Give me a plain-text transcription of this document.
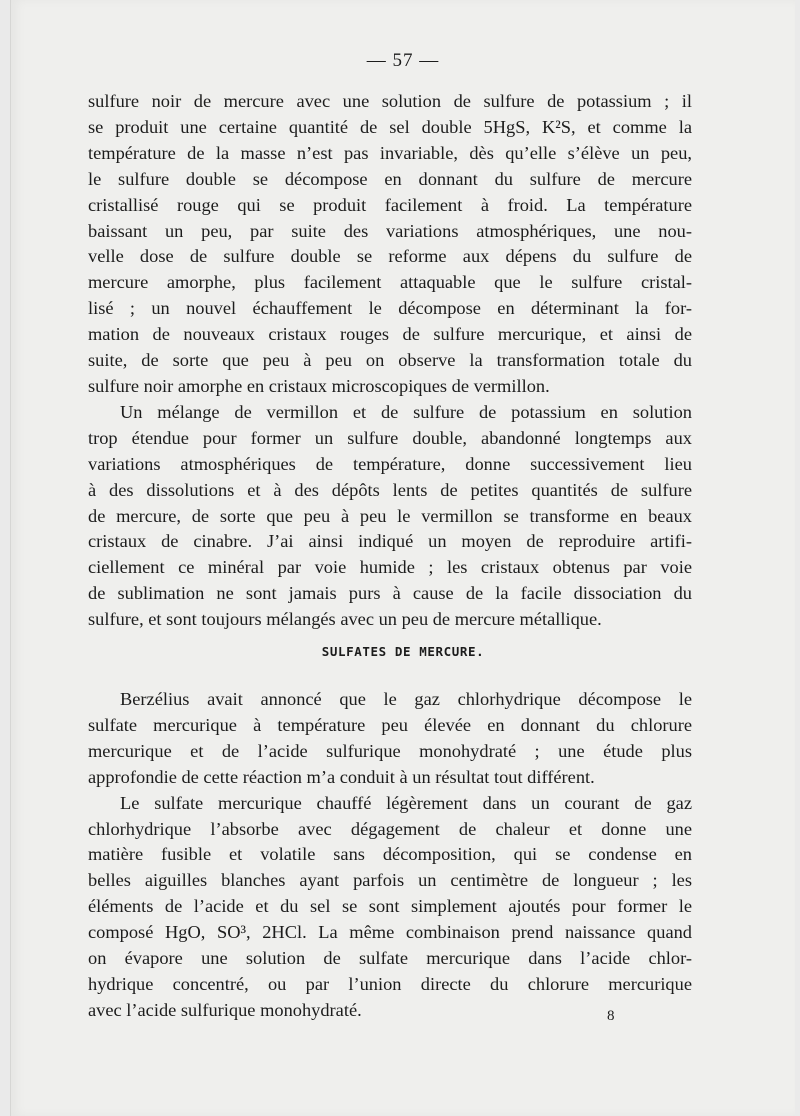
— 57 —

sulfure noir de mercure avec une solution de sulfure de potassium ; il
se produit une certaine quantité de sel double 5HgS, K²S, et comme la
température de la masse n’est pas invariable, dès qu’elle s’élève un peu,
le sulfure double se décompose en donnant du sulfure de mercure
cristallisé rouge qui se produit facilement à froid. La température
baissant un peu, par suite des variations atmosphériques, une nou-
velle dose de sulfure double se reforme aux dépens du sulfure de
mercure amorphe, plus facilement attaquable que le sulfure cristal-
lisé ; un nouvel échauffement le décompose en déterminant la for-
mation de nouveaux cristaux rouges de sulfure mercurique, et ainsi de
suite, de sorte que peu à peu on observe la transformation totale du
sulfure noir amorphe en cristaux microscopiques de vermillon.

Un mélange de vermillon et de sulfure de potassium en solution
trop étendue pour former un sulfure double, abandonné longtemps aux
variations atmosphériques de température, donne successivement lieu
à des dissolutions et à des dépôts lents de petites quantités de sulfure
de mercure, de sorte que peu à peu le vermillon se transforme en beaux
cristaux de cinabre. J’ai ainsi indiqué un moyen de reproduire artifi-
ciellement ce minéral par voie humide ; les cristaux obtenus par voie
de sublimation ne sont jamais purs à cause de la facile dissociation du
sulfure, et sont toujours mélangés avec un peu de mercure métallique.

SULFATES DE MERCURE.

Berzélius avait annoncé que le gaz chlorhydrique décompose le
sulfate mercurique à température peu élevée en donnant du chlorure
mercurique et de l’acide sulfurique monohydraté ; une étude plus
approfondie de cette réaction m’a conduit à un résultat tout différent.

Le sulfate mercurique chauffé légèrement dans un courant de gaz
chlorhydrique l’absorbe avec dégagement de chaleur et donne une
matière fusible et volatile sans décomposition, qui se condense en
belles aiguilles blanches ayant parfois un centimètre de longueur ; les
éléments de l’acide et du sel se sont simplement ajoutés pour former le
composé HgO, SO³, 2HCl. La même combinaison prend naissance quand
on évapore une solution de sulfate mercurique dans l’acide chlor-
hydrique concentré, ou par l’union directe du chlorure mercurique
avec l’acide sulfurique monohydraté.	8
